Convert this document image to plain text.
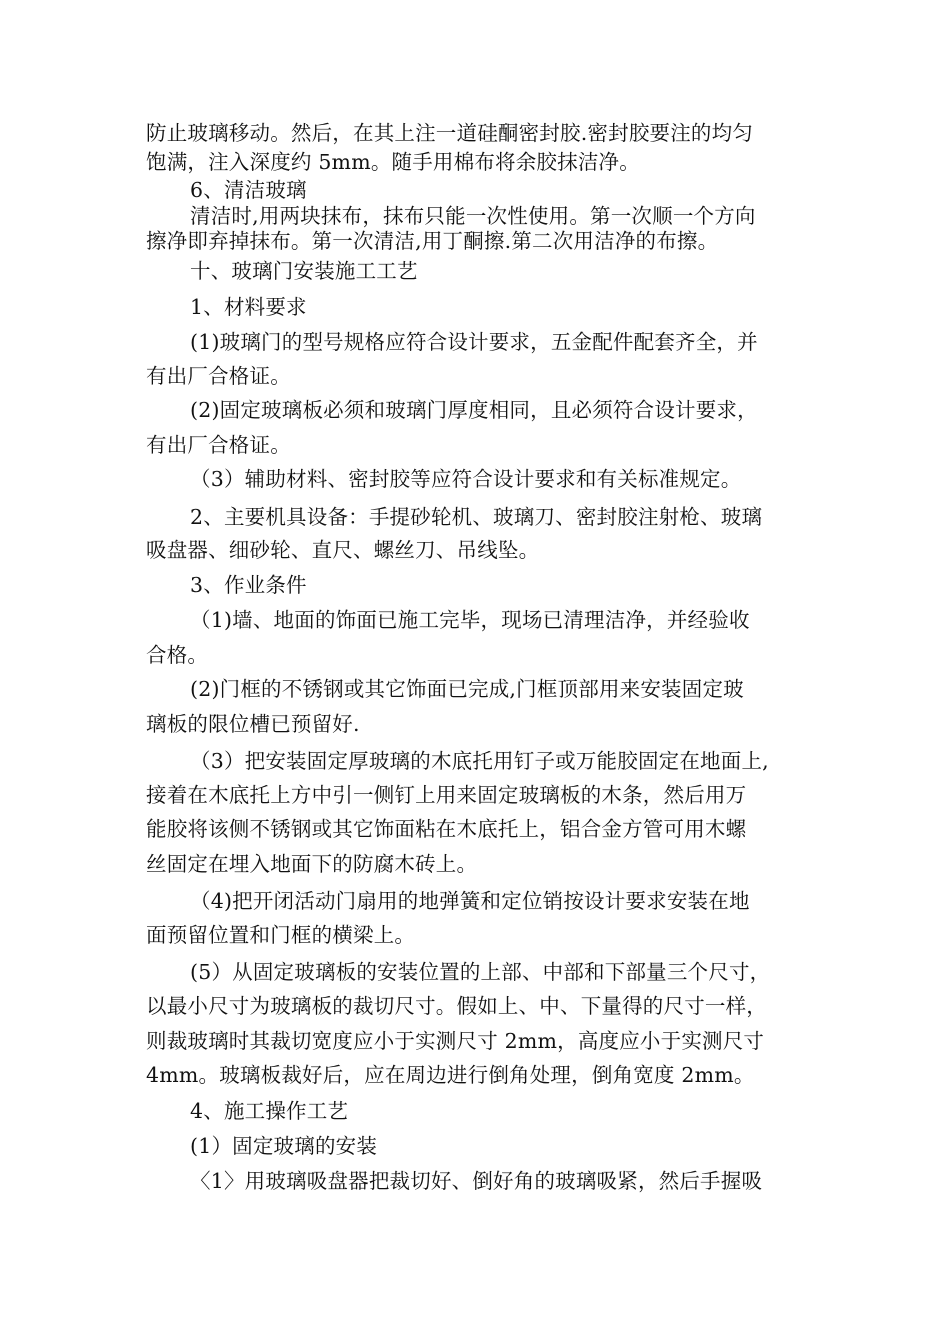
防止玻璃移动。然后，在其上注一道硅酮密封胶.密封胶要注的均匀
饱满，注入深度约 5mm。随手用棉布将余胶抹洁净。
6、清洁玻璃
清洁时,用两块抹布，抹布只能一次性使用。第一次顺一个方向
擦净即弃掉抹布。第一次清洁,用丁酮擦.第二次用洁净的布擦。
十、玻璃门安装施工工艺
1、材料要求
(1)玻璃门的型号规格应符合设计要求，五金配件配套齐全，并
有出厂合格证。
(2)固定玻璃板必须和玻璃门厚度相同，且必须符合设计要求，
有出厂合格证。
（3）辅助材料、密封胶等应符合设计要求和有关标准规定。
2、主要机具设备：手提砂轮机、玻璃刀、密封胶注射枪、玻璃
吸盘器、细砂轮、直尺、螺丝刀、吊线坠。
3、作业条件
（1)墙、地面的饰面已施工完毕，现场已清理洁净，并经验收
合格。
(2)门框的不锈钢或其它饰面已完成,门框顶部用来安装固定玻
璃板的限位槽已预留好.
（3）把安装固定厚玻璃的木底托用钉子或万能胶固定在地面上,
接着在木底托上方中引一侧钉上用来固定玻璃板的木条，然后用万
能胶将该侧不锈钢或其它饰面粘在木底托上，铝合金方管可用木螺
丝固定在埋入地面下的防腐木砖上。
（4)把开闭活动门扇用的地弹簧和定位销按设计要求安装在地
面预留位置和门框的横梁上。
(5）从固定玻璃板的安装位置的上部、中部和下部量三个尺寸，
以最小尺寸为玻璃板的裁切尺寸。假如上、中、下量得的尺寸一样，
则裁玻璃时其裁切宽度应小于实测尺寸 2mm，高度应小于实测尺寸
4mm。玻璃板裁好后，应在周边进行倒角处理，倒角宽度 2mm。
4、施工操作工艺
(1）固定玻璃的安装
〈1〉用玻璃吸盘器把裁切好、倒好角的玻璃吸紧，然后手握吸
